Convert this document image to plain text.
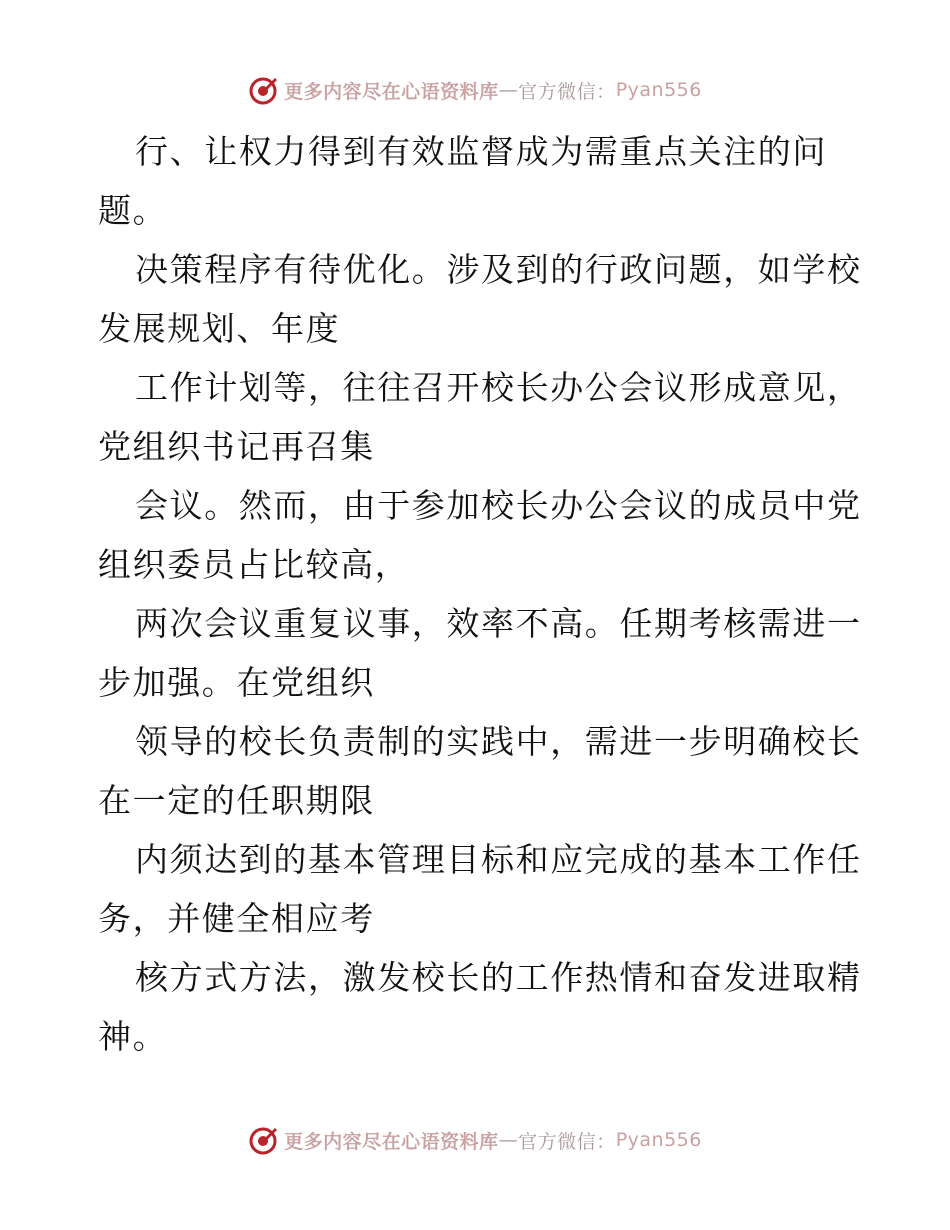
更多内容尽在心语资料库 — 官方微信： Pyan556
行、让权力得到有效监督成为需重点关注的问
题。
决策程序有待优化。涉及到的行政问题，如学校
发展规划、年度
工作计划等，往往召开校长办公会议形成意见，
党组织书记再召集
会议。然而，由于参加校长办公会议的成员中党
组织委员占比较高，
两次会议重复议事，效率不高。任期考核需进一
步加强。在党组织
领导的校长负责制的实践中，需进一步明确校长
在一定的任职期限
内须达到的基本管理目标和应完成的基本工作任
务，并健全相应考
核方式方法，激发校长的工作热情和奋发进取精
神。
更多内容尽在心语资料库 — 官方微信： Pyan556
